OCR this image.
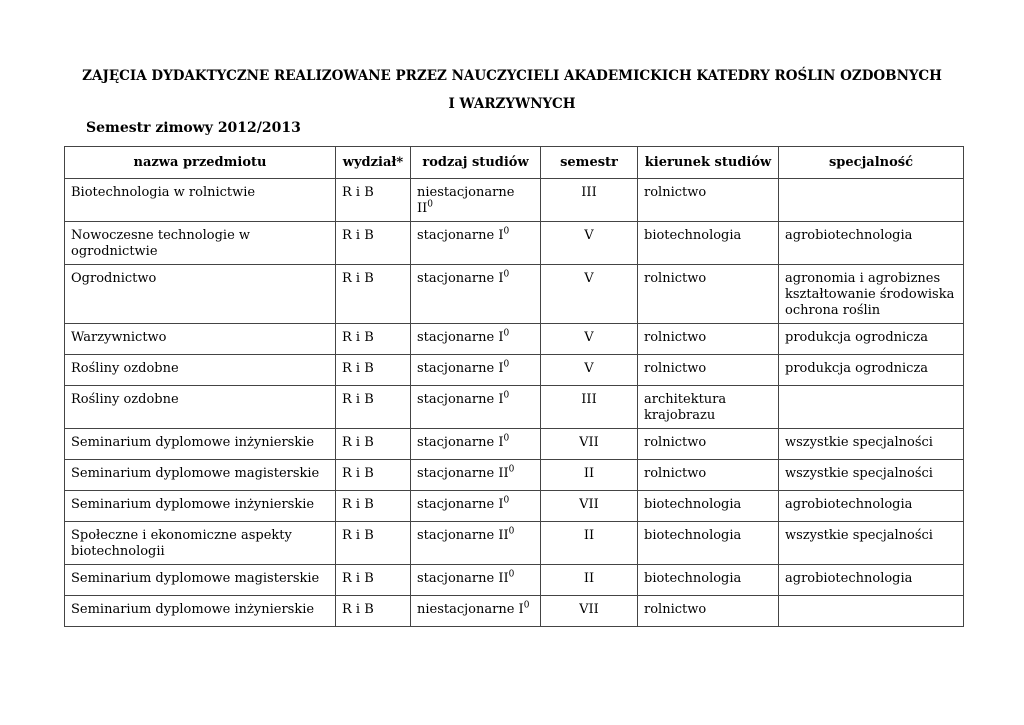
ZAJĘCIA DYDAKTYCZNE REALIZOWANE PRZEZ NAUCZYCIELI AKADEMICKICH KATEDRY ROŚLIN OZDOBNYCH
I WARZYWNYCH
Semestr zimowy 2012/2013
nazwa przedmiotu	wydział*	rodzaj studiów	semestr	kierunek studiów	specjalność
Biotechnologia w rolnictwie	R i B	niestacjonarne $II^0$	III	rolnictwo	
Nowoczesne technologie w ogrodnictwie	R i B	stacjonarne $I^0$	V	biotechnologia	agrobiotechnologia
Ogrodnictwo	R i B	stacjonarne $I^0$	V	rolnictwo	agronomia i agrobiznes
kształtowanie środowiska
ochrona roślin

Warzywnictwo	R i B	stacjonarne $I^0$	V	rolnictwo	produkcja ogrodnicza
Rośliny ozdobne	R i B	stacjonarne $I^0$	V	rolnictwo	produkcja ogrodnicza
Rośliny ozdobne	R i B	stacjonarne $I^0$	III	architektura krajobrazu	
Seminarium dyplomowe inżynierskie	R i B	stacjonarne $I^0$	VII	rolnictwo	wszystkie specjalności
Seminarium dyplomowe magisterskie	R i B	stacjonarne $II^0$	II	rolnictwo	wszystkie specjalności
Seminarium dyplomowe inżynierskie	R i B	stacjonarne $I^0$	VII	biotechnologia	agrobiotechnologia
Społeczne i ekonomiczne aspekty biotechnologii	R i B	stacjonarne $II^0$	II	biotechnologia	wszystkie specjalności
Seminarium dyplomowe magisterskie	R i B	stacjonarne $II^0$	II	biotechnologia	agrobiotechnologia
Seminarium dyplomowe inżynierskie	R i B	niestacjonarne $I^0$	VII	rolnictwo	
